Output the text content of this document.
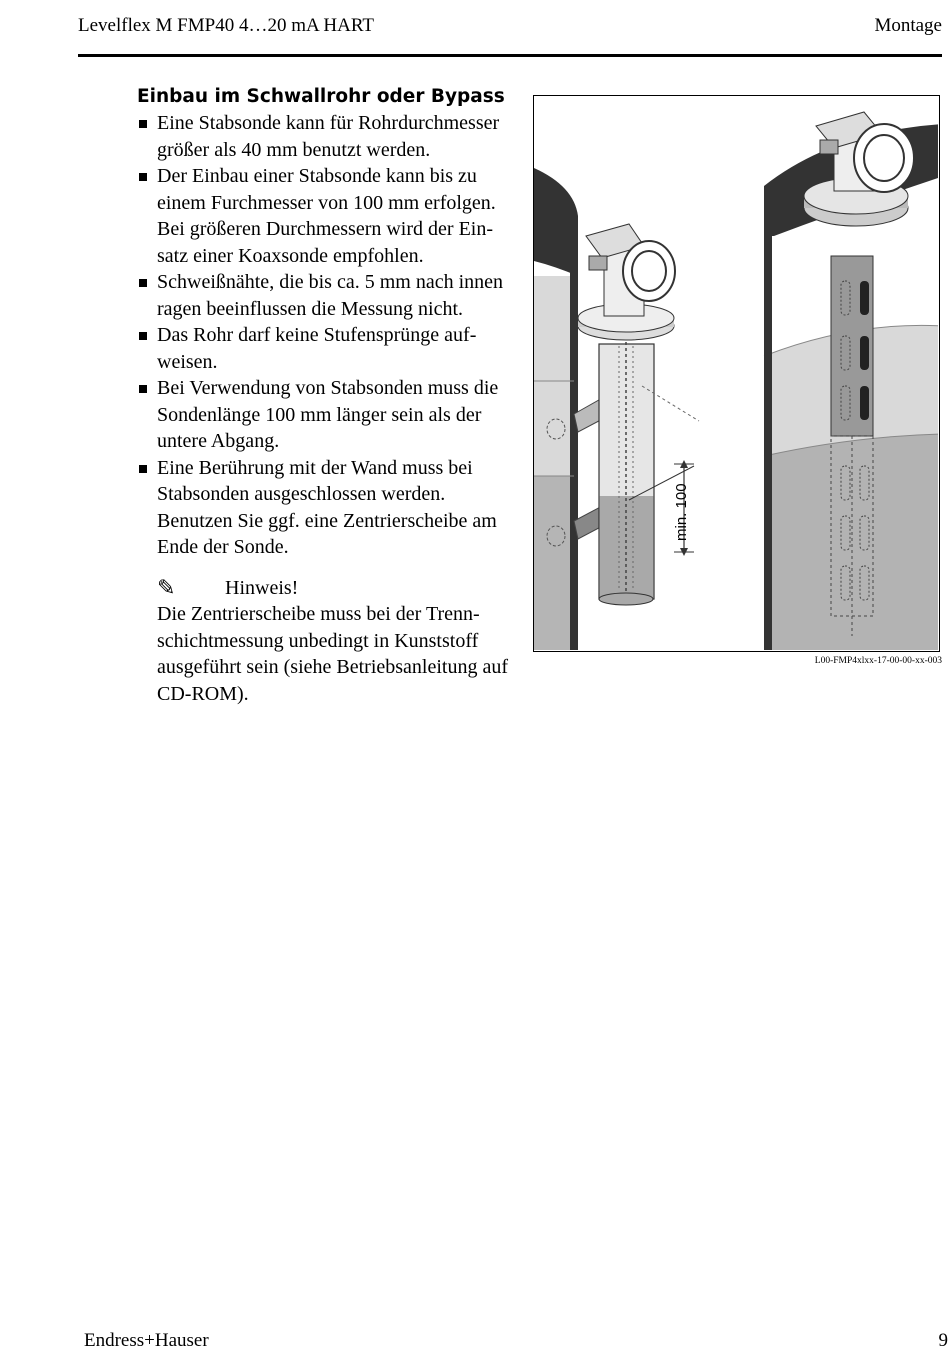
Levelflex M FMP40 4…20 mA HART	Montage
Einbau im Schwallrohr oder Bypass
Eine Stabsonde kann für Rohrdurchmesser größer als 40 mm benutzt werden.
Der Einbau einer Stabsonde kann bis zu einem Furchmesser von 100 mm erfolgen. Bei größeren Durchmessern wird der Einsatz einer Koaxsonde empfohlen.
Schweißnähte, die bis ca. 5 mm nach innen ragen beeinflussen die Messung nicht.
Das Rohr darf keine Stufensprünge aufweisen.
Bei Verwendung von Stabsonden muss die Sondenlänge 100 mm länger sein als der untere Abgang.
Eine Berührung mit der Wand muss bei Stabsonden ausgeschlossen werden. Benutzen Sie ggf. eine Zentrierscheibe am Ende der Sonde.
✎	Hinweis!
Die Zentrierscheibe muss bei der Trennschichtmessung unbedingt in Kunststoff ausgeführt sein (siehe Betriebsanleitung auf CD-ROM).
min. 100
L00-FMP4xlxx-17-00-00-xx-003
Endress+Hauser	9
